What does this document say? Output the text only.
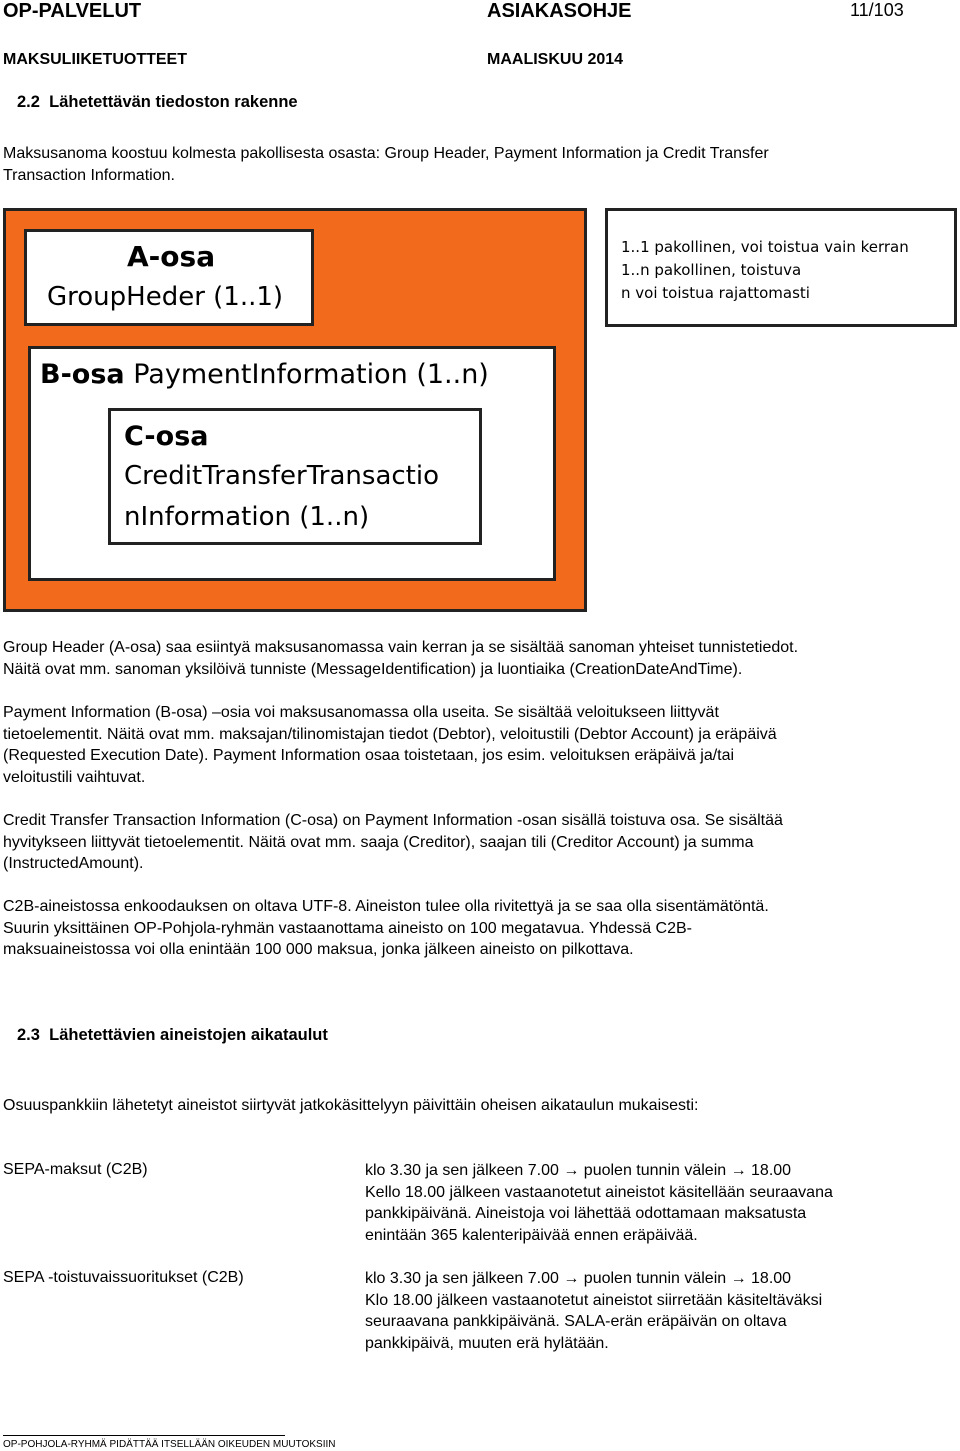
OP-PALVELUT	ASIAKASOHJE	11/103
MAKSULIIKETUOTTEET	MAALISKUU 2014
2.2 Lähetettävän tiedoston rakenne
Maksusanoma koostuu kolmesta pakollisesta osasta: Group Header, Payment Information ja Credit Transfer
Transaction Information.
A-osa
GroupHeder (1..1)
B-osa PaymentInformation (1..n)
C-osa
CreditTransferTransactio
nInformation (1..n)
1..1 pakollinen, voi toistua vain kerran
1..n pakollinen, toistuva
n voi toistua rajattomasti
Group Header (A-osa) saa esiintyä maksusanomassa vain kerran ja se sisältää sanoman yhteiset tunnistetiedot.
Näitä ovat mm. sanoman yksilöivä tunniste (MessageIdentification) ja luontiaika (CreationDateAndTime).
Payment Information (B-osa) –osia voi maksusanomassa olla useita. Se sisältää veloitukseen liittyvät
tietoelementit. Näitä ovat mm. maksajan/tilinomistajan tiedot (Debtor), veloitustili (Debtor Account) ja eräpäivä
(Requested Execution Date). Payment Information osaa toistetaan, jos esim. veloituksen eräpäivä ja/tai
veloitustili vaihtuvat.
Credit Transfer Transaction Information (C-osa) on Payment Information -osan sisällä toistuva osa. Se sisältää
hyvitykseen liittyvät tietoelementit. Näitä ovat mm. saaja (Creditor), saajan tili (Creditor Account) ja summa
(InstructedAmount).
C2B-aineistossa enkoodauksen on oltava UTF-8. Aineiston tulee olla rivitettyä ja se saa olla sisentämätöntä.
Suurin yksittäinen OP-Pohjola-ryhmän vastaanottama aineisto on 100 megatavua. Yhdessä C2B-
maksuaineistossa voi olla enintään 100 000 maksua, jonka jälkeen aineisto on pilkottava.
2.3 Lähetettävien aineistojen aikataulut
Osuuspankkiin lähetetyt aineistot siirtyvät jatkokäsittelyyn päivittäin oheisen aikataulun mukaisesti:
SEPA-maksut (C2B)	klo 3.30 ja sen jälkeen 7.00 → puolen tunnin välein → 18.00
Kello 18.00 jälkeen vastaanotetut aineistot käsitellään seuraavana
pankkipäivänä. Aineistoja voi lähettää odottamaan maksatusta
enintään 365 kalenteripäivää ennen eräpäivää.
SEPA -toistuvaissuoritukset (C2B)	klo 3.30 ja sen jälkeen 7.00 → puolen tunnin välein → 18.00
Klo 18.00 jälkeen vastaanotetut aineistot siirretään käsiteltäväksi
seuraavana pankkipäivänä. SALA-erän eräpäivän on oltava
pankkipäivä, muuten erä hylätään.
OP-POHJOLA-RYHMÄ PIDÄTTÄÄ ITSELLÄÄN OIKEUDEN MUUTOKSIIN
